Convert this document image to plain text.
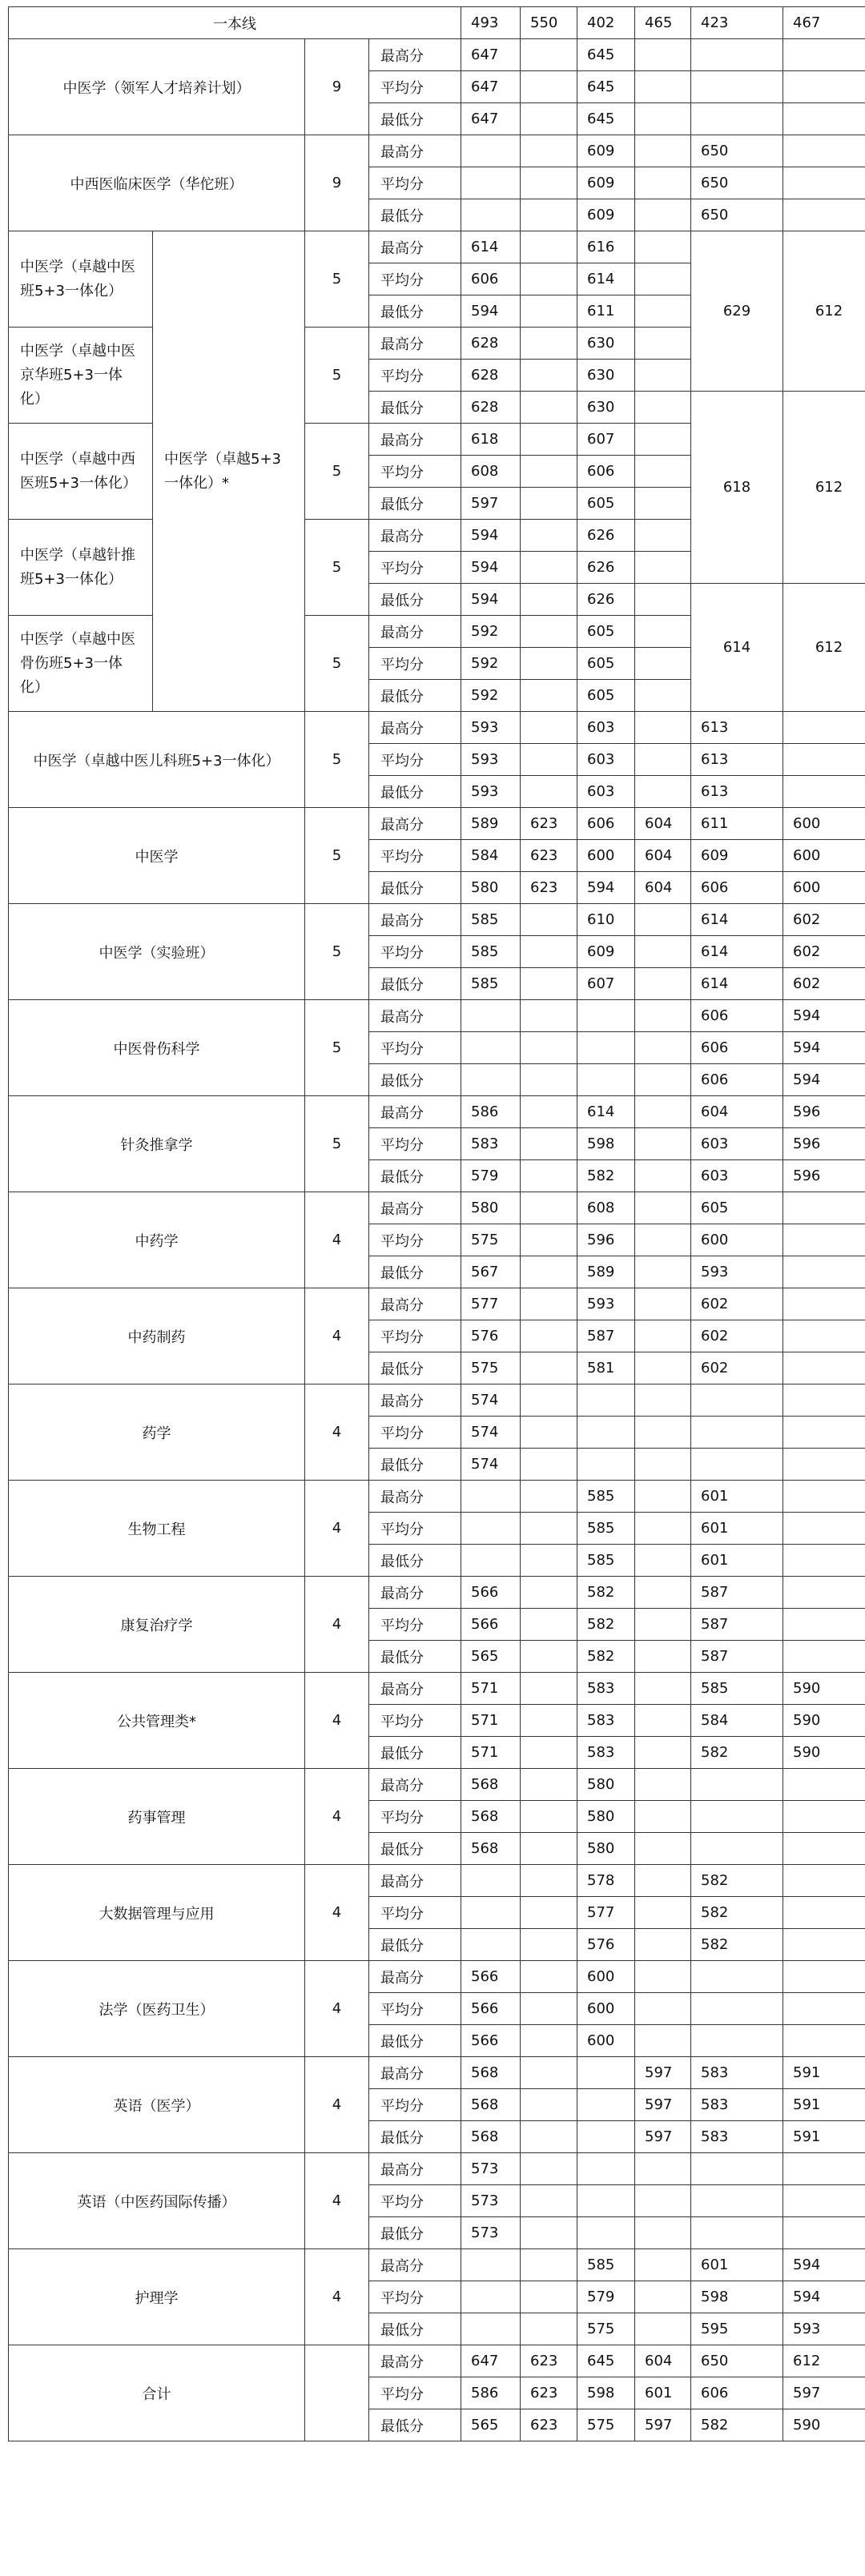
一本线				493	550	402	465	423	467
中医学（领军人才培养计划）		9	最高分	647		645			
			平均分	647		645			
			最低分	647		645			
中西医临床医学（华佗班）		9	最高分			609		650	
			平均分			609		650	
			最低分			609		650	
中医学（卓越中医班5+3一体化）	中医学（卓越5+3一体化）*	5	最高分	614		616		629	612
			平均分	606		614			
			最低分	594		611			
中医学（卓越中医京华班5+3一体化）		5	最高分	628		630			
			平均分	628		630			
			最低分	628		630		618	612
中医学（卓越中西医班5+3一体化）		5	最高分	618		607			
			平均分	608		606			
			最低分	597		605			
中医学（卓越针推班5+3一体化）		5	最高分	594		626			
			平均分	594		626			
			最低分	594		626		614	612
中医学（卓越中医骨伤班5+3一体化）		5	最高分	592		605			
			平均分	592		605			
			最低分	592		605			
中医学（卓越中医儿科班5+3一体化）		5	最高分	593		603		613	
			平均分	593		603		613	
			最低分	593		603		613	
中医学		5	最高分	589	623	606	604	611	600
			平均分	584	623	600	604	609	600
			最低分	580	623	594	604	606	600
中医学（实验班）		5	最高分	585		610		614	602
			平均分	585		609		614	602
			最低分	585		607		614	602
中医骨伤科学		5	最高分					606	594
			平均分					606	594
			最低分					606	594
针灸推拿学		5	最高分	586		614		604	596
			平均分	583		598		603	596
			最低分	579		582		603	596
中药学		4	最高分	580		608		605	
			平均分	575		596		600	
			最低分	567		589		593	
中药制药		4	最高分	577		593		602	
			平均分	576		587		602	
			最低分	575		581		602	
药学		4	最高分	574					
			平均分	574					
			最低分	574					
生物工程		4	最高分			585		601	
			平均分			585		601	
			最低分			585		601	
康复治疗学		4	最高分	566		582		587	
			平均分	566		582		587	
			最低分	565		582		587	
公共管理类*		4	最高分	571		583		585	590
			平均分	571		583		584	590
			最低分	571		583		582	590
药事管理		4	最高分	568		580			
			平均分	568		580			
			最低分	568		580			
大数据管理与应用		4	最高分			578		582	
			平均分			577		582	
			最低分			576		582	
法学（医药卫生）		4	最高分	566		600			
			平均分	566		600			
			最低分	566		600			
英语（医学）		4	最高分	568			597	583	591
			平均分	568			597	583	591
			最低分	568			597	583	591
英语（中医药国际传播）		4	最高分	573					
			平均分	573					
			最低分	573					
护理学		4	最高分			585		601	594
			平均分			579		598	594
			最低分			575		595	593
合计			最高分	647	623	645	604	650	612
			平均分	586	623	598	601	606	597
			最低分	565	623	575	597	582	590
